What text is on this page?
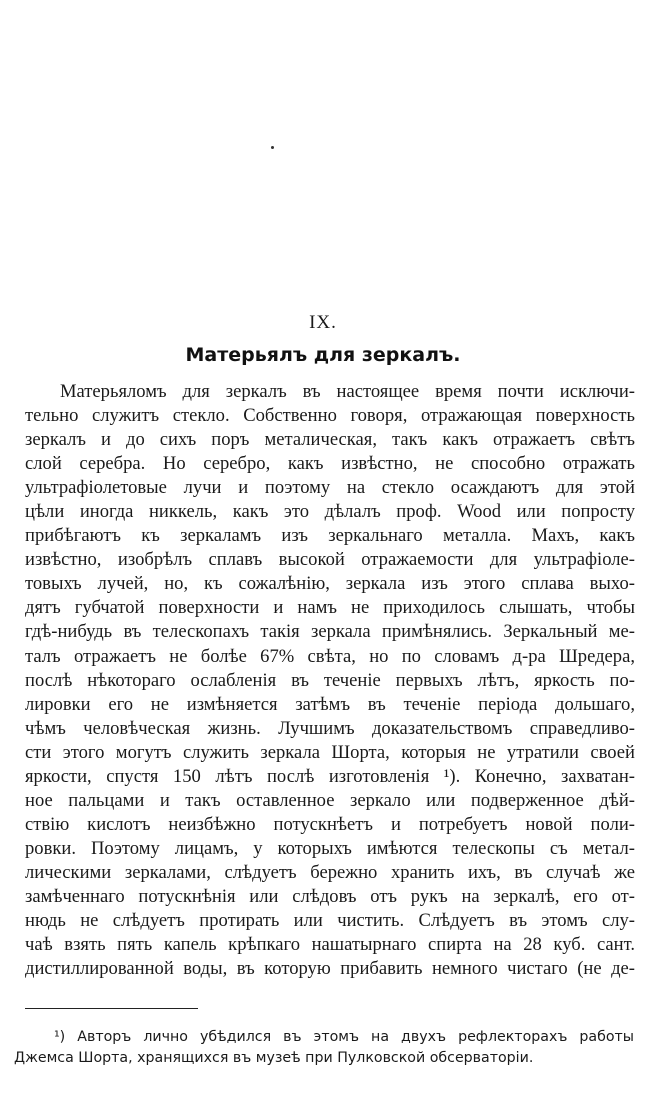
IX.
Матерьялъ для зеркалъ.
Матерьяломъ для зеркалъ въ настоящее время почти исключи-
тельно служитъ стекло. Собственно говоря, отражающая поверхность
зеркалъ и до сихъ поръ металическая, такъ какъ отражаетъ свѣтъ
слой серебра. Но серебро, какъ извѣстно, не способно отражать
ультрафіолетовые лучи и поэтому на стекло осаждаютъ для этой
цѣли иногда никкель, какъ это дѣлалъ проф. Wood или попросту
прибѣгаютъ къ зеркаламъ изъ зеркальнаго металла. Махъ, какъ
извѣстно, изобрѣлъ сплавъ высокой отражаемости для ультрафіоле-
товыхъ лучей, но, къ сожалѣнію, зеркала изъ этого сплава выхо-
дятъ губчатой поверхности и намъ не приходилось слышать, чтобы
гдѣ-нибудь въ телескопахъ такія зеркала примѣнялись. Зеркальный ме-
талъ отражаетъ не болѣе 67% свѣта, но по словамъ д-ра Шредера,
послѣ нѣкотораго ослабленія въ теченіе первыхъ лѣтъ, яркость по-
лировки его не измѣняется затѣмъ въ теченіе періода дольшаго,
чѣмъ человѣческая жизнь. Лучшимъ доказательствомъ справедливо-
сти этого могутъ служить зеркала Шорта, которыя не утратили своей
яркости, спустя 150 лѣтъ послѣ изготовленія ¹). Конечно, захватан-
ное пальцами и такъ оставленное зеркало или подверженное дѣй-
ствію кислотъ неизбѣжно потускнѣетъ и потребуетъ новой поли-
ровки. Поэтому лицамъ, у которыхъ имѣются телескопы съ метал-
лическими зеркалами, слѣдуетъ бережно хранить ихъ, въ случаѣ же
замѣченнаго потускнѣнія или слѣдовъ отъ рукъ на зеркалѣ, его от-
нюдь не слѣдуетъ протирать или чистить. Слѣдуетъ въ этомъ слу-
чаѣ взять пять капель крѣпкаго нашатырнаго спирта на 28 куб. сант.
дистиллированной воды, въ которую прибавить немного чистаго (не де-
¹) Авторъ лично убѣдился въ этомъ на двухъ рефлекторахъ работы
Джемса Шорта, хранящихся въ музеѣ при Пулковской обсерваторіи.
